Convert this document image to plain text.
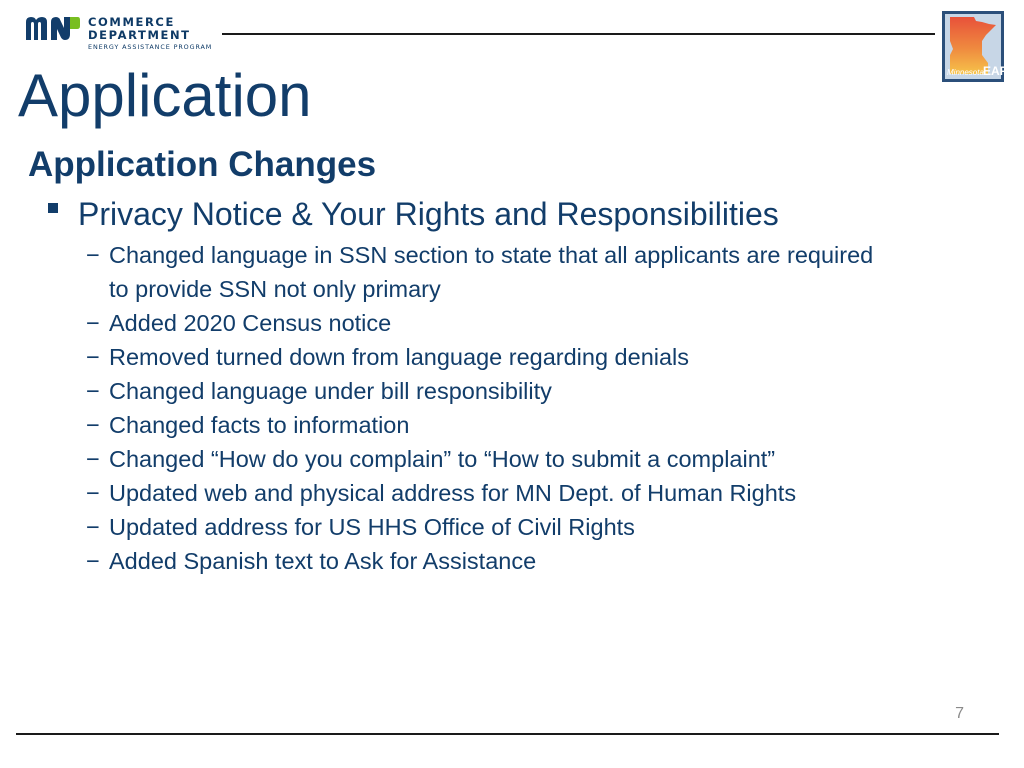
COMMERCE
DEPARTMENT
ENERGY ASSISTANCE PROGRAM
Minnesota EAP
Application
Application Changes
Privacy Notice & Your Rights and Responsibilities
− Changed language in SSN section to state that all applicants are required to provide SSN not only primary
− Added 2020 Census notice
− Removed turned down from language regarding denials
− Changed language under bill responsibility
− Changed facts to information
− Changed “How do you complain” to “How to submit a complaint”
− Updated web and physical address for MN Dept. of Human Rights
− Updated address for US HHS Office of Civil Rights
− Added Spanish text to Ask for Assistance
7
